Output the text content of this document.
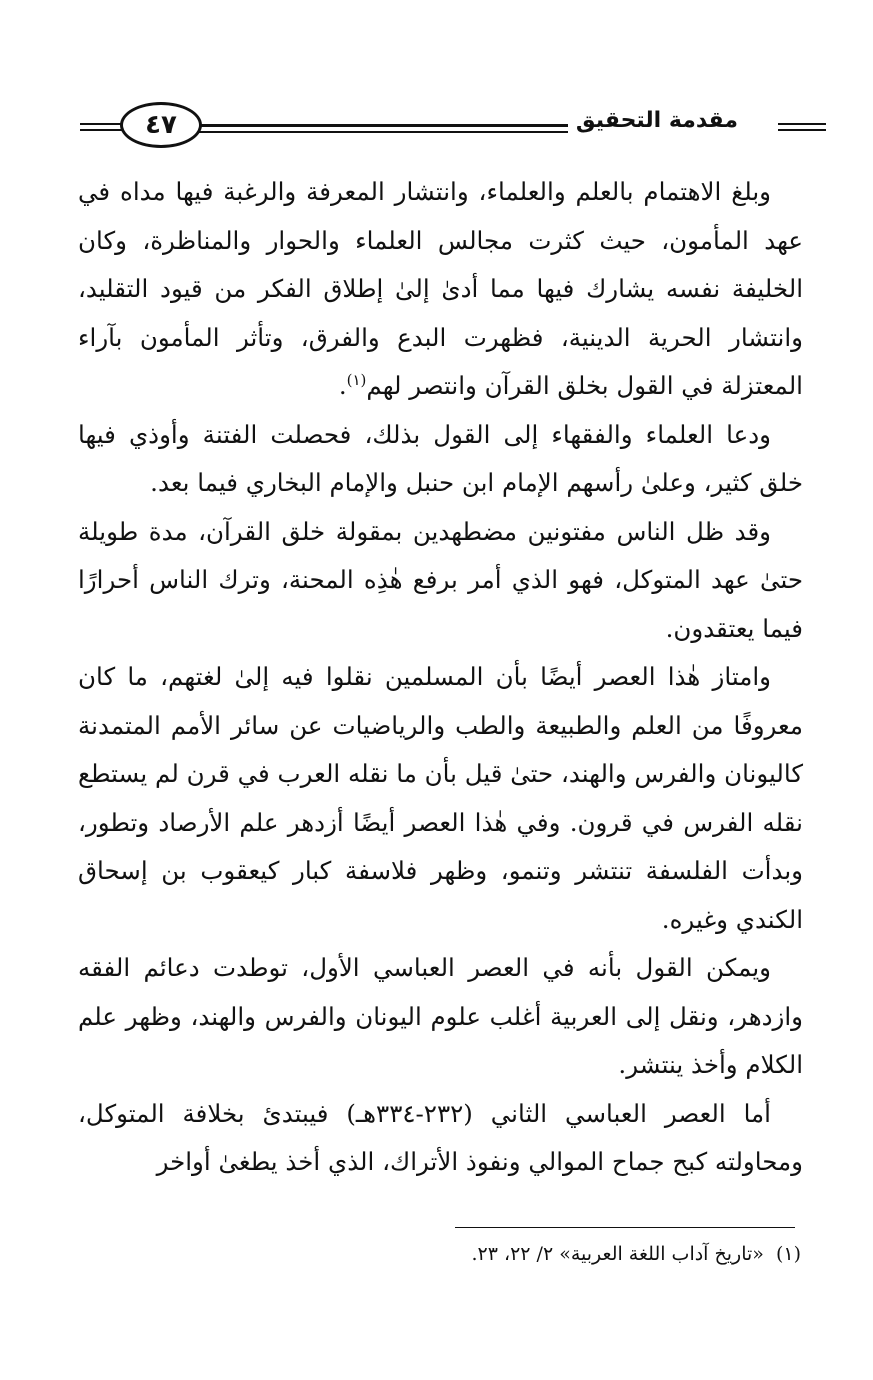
٤٧	مقدمة التحقيق

وبلغ الاهتمام بالعلم والعلماء، وانتشار المعرفة والرغبة فيها مداه في عهد المأمون، حيث كثرت مجالس العلماء والحوار والمناظرة، وكان الخليفة نفسه يشارك فيها مما أدىٰ إلىٰ إطلاق الفكر من قيود التقليد، وانتشار الحرية الدينية، فظهرت البدع والفرق، وتأثر المأمون بآراء المعتزلة في القول بخلق القرآن وانتصر لهم$^{(١)}$.

ودعا العلماء والفقهاء إلى القول بذلك، فحصلت الفتنة وأوذي فيها خلق كثير، وعلىٰ رأسهم الإمام ابن حنبل والإمام البخاري فيما بعد.

وقد ظل الناس مفتونين مضطهدين بمقولة خلق القرآن، مدة طويلة حتىٰ عهد المتوكل، فهو الذي أمر برفع هٰذِه المحنة، وترك الناس أحرارًا فيما يعتقدون.

وامتاز هٰذا العصر أيضًا بأن المسلمين نقلوا فيه إلىٰ لغتهم، ما كان معروفًا من العلم والطبيعة والطب والرياضيات عن سائر الأمم المتمدنة كاليونان والفرس والهند، حتىٰ قيل بأن ما نقله العرب في قرن لم يستطع نقله الفرس في قرون. وفي هٰذا العصر أيضًا أزدهر علم الأرصاد وتطور، وبدأت الفلسفة تنتشر وتنمو، وظهر فلاسفة كبار كيعقوب بن إسحاق الكندي وغيره.

ويمكن القول بأنه في العصر العباسي الأول، توطدت دعائم الفقه وازدهر، ونقل إلى العربية أغلب علوم اليونان والفرس والهند، وظهر علم الكلام وأخذ ينتشر.

أما العصر العباسي الثاني (٢٣٢-٣٣٤هـ) فيبتدئ بخلافة المتوكل، ومحاولته كبح جماح الموالي ونفوذ الأتراك، الذي أخذ يطغىٰ أواخر

(١)«تاريخ آداب اللغة العربية» ٢/ ٢٢، ٢٣.
